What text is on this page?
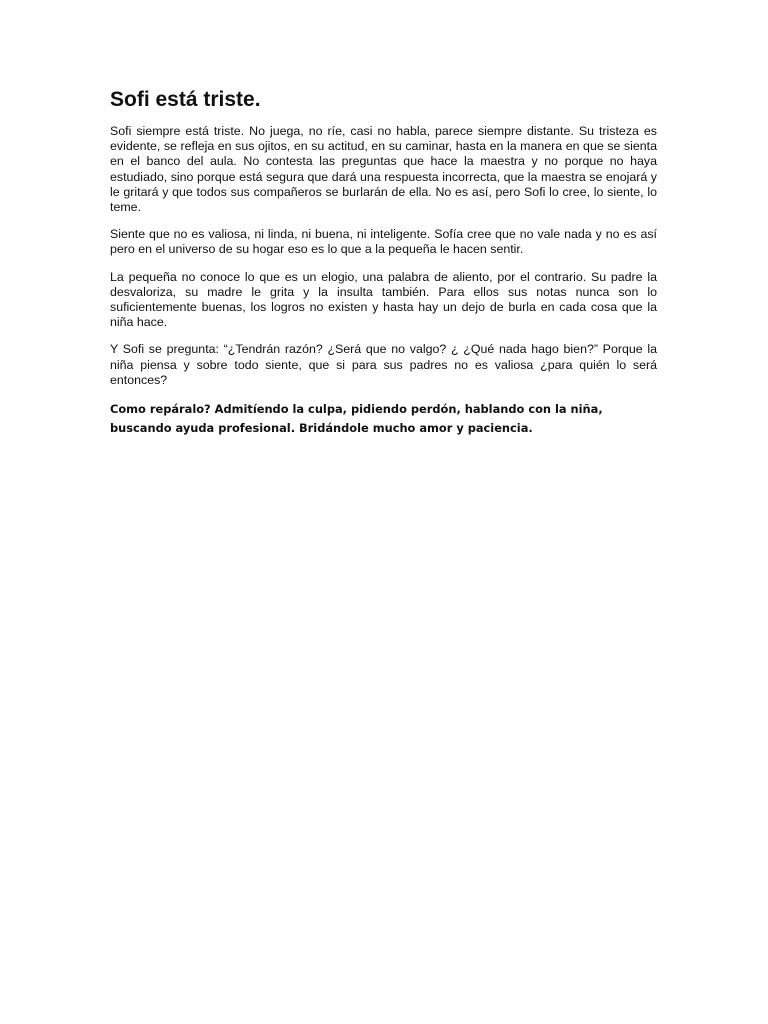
Sofi está triste.

Sofi siempre está triste. No juega, no ríe, casi no habla, parece siempre distante. Su tristeza es evidente, se refleja en sus ojitos, en su actitud, en su caminar, hasta en la manera en que se sienta en el banco del aula. No contesta las preguntas que hace la maestra y no porque no haya estudiado, sino porque está segura que dará una respuesta incorrecta, que la maestra se enojará y le gritará y que todos sus compañeros se burlarán de ella. No es así, pero Sofi lo cree, lo siente, lo teme.

Siente que no es valiosa, ni linda, ni buena, ni inteligente. Sofía cree que no vale nada y no es así pero en el universo de su hogar eso es lo que a la pequeña le hacen sentir.

La pequeña no conoce lo que es un elogio, una palabra de aliento, por el contrario. Su padre la desvaloriza, su madre le grita y la insulta también. Para ellos sus notas nunca son lo suficientemente buenas, los logros no existen y hasta hay un dejo de burla en cada cosa que la niña hace.

Y Sofi se pregunta: “¿Tendrán razón? ¿Será que no valgo? ¿ ¿Qué nada hago bien?” Porque la niña piensa y sobre todo siente, que si para sus padres no es valiosa ¿para quién lo será entonces?

Como repáralo? Admitíendo la culpa, pidiendo perdón, hablando con la niña, buscando ayuda profesional. Bridándole mucho amor y paciencia.
